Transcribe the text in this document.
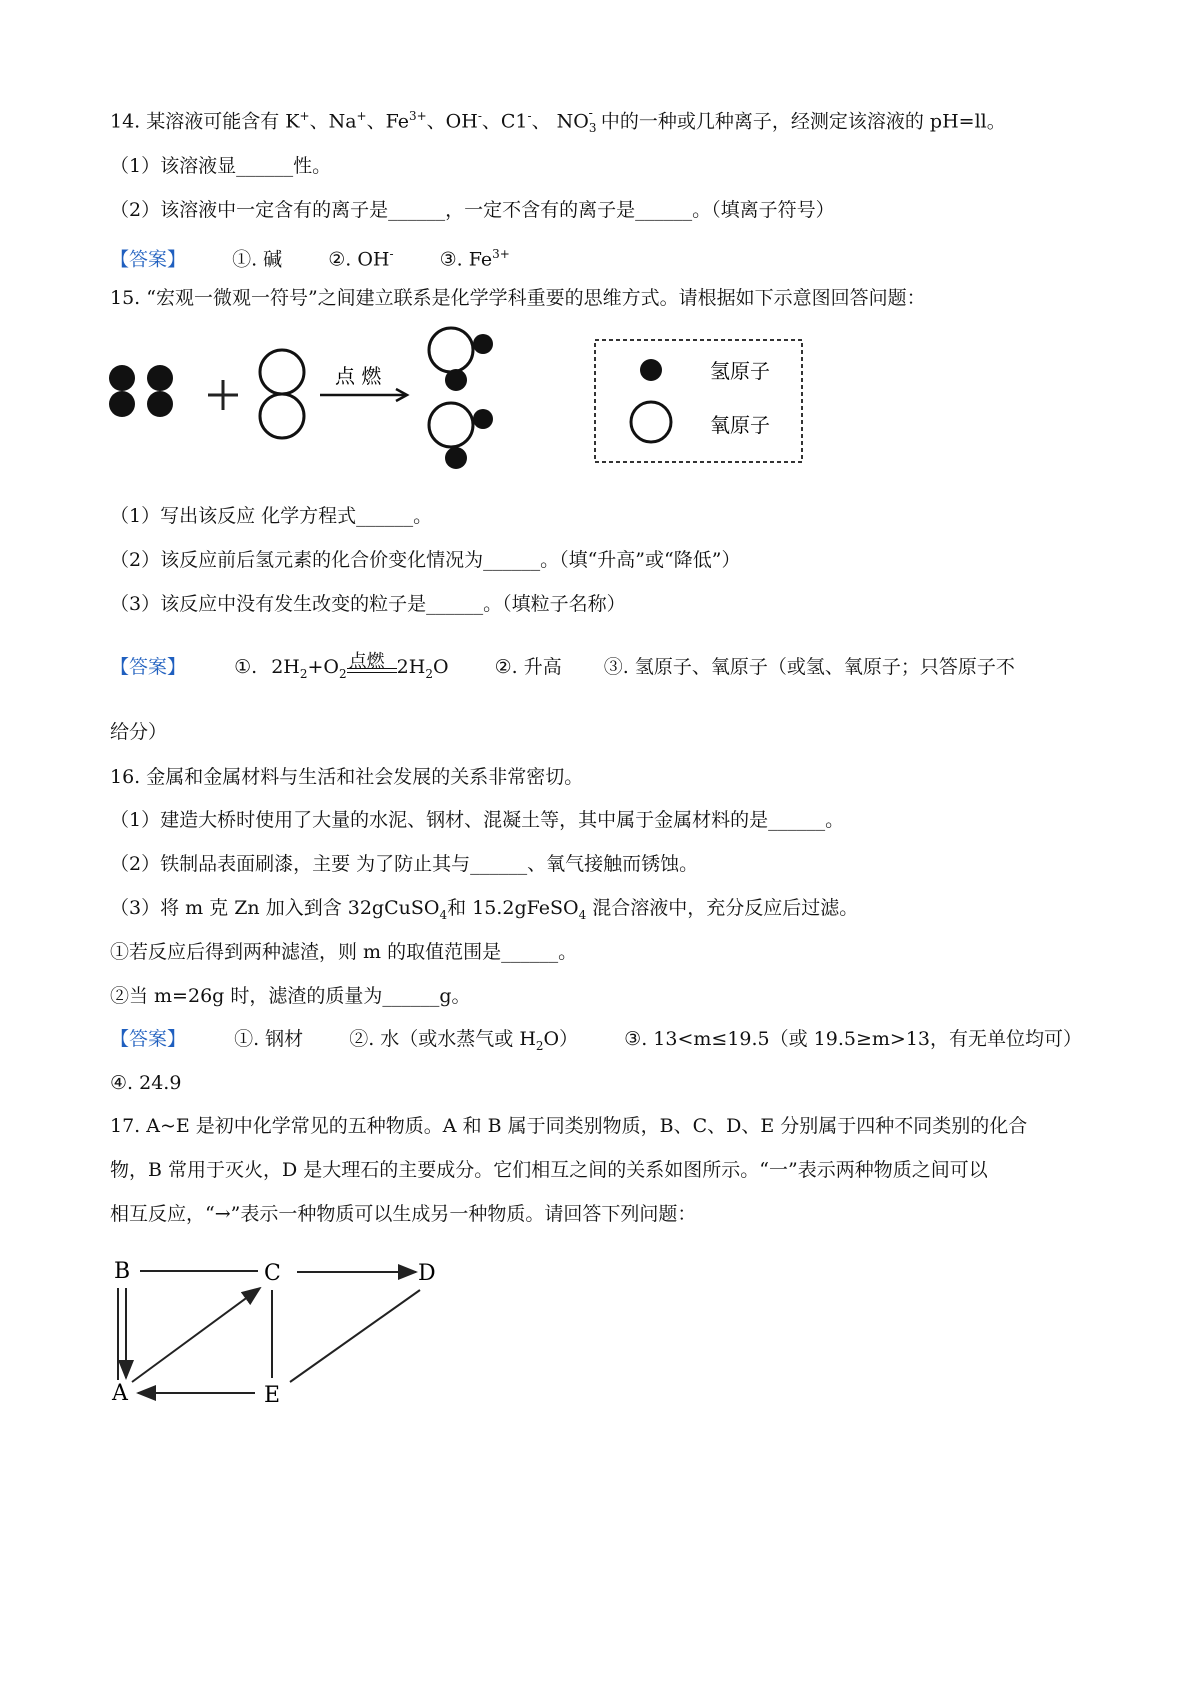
14. 某溶液可能含有 K+、Na+、$Fe^{3+}$、OH-、C1-、 $NO_3^-$ 中的一种或几种离子，经测定该溶液的 pH=ll。
（1）该溶液显______性。
（2）该溶液中一定含有的离子是______，一定不含有的离子是______。（填离子符号）
【答案】 ①. 碱 ②. OH- ③. $Fe^{3+}$
15. “宏观一微观一符号”之间建立联系是化学学科重要的思维方式。请根据如下示意图回答问题：
点 燃	氢原子
氧原子
（1）写出该反应 化学方程式______。
（2）该反应前后氢元素的化合价变化情况为______。（填“升高”或“降低”）
（3）该反应中没有发生改变的粒子是______。（填粒子名称）
【答案】	①. $2H_2+O_2$
点燃 $2H_2O$ ②. 升高 ③. 氢原子、氧原子（或氢、氧原子；只答原子不
给分）
16. 金属和金属材料与生活和社会发展的关系非常密切。
（1）建造大桥时使用了大量的水泥、钢材、混凝土等，其中属于金属材料的是______。
（2）铁制品表面刷漆，主要 为了防止其与______、氧气接触而锈蚀。
（3）将 m 克 Zn 加入到含 32gCuSO$_4$和 15.2gFeSO$_4$ 混合溶液中，充分反应后过滤。
①若反应后得到两种滤渣，则 m 的取值范围是______。
②当 m=26g 时，滤渣的质量为______g。
【答案】	①. 钢材 ②. 水（或水蒸气或 $H_2O$） ③. 13<m≤19.5（或 19.5≥m>13，有无单位均可）
④. 24.9
17. A~E 是初中化学常见的五种物质。A 和 B 属于同类别物质，B、C、D、E 分别属于四种不同类别的化合
物，B 常用于灭火，D 是大理石的主要成分。它们相互之间的关系如图所示。“一”表示两种物质之间可以
相互反应，“→”表示一种物质可以生成另一种物质。请回答下列问题：
B	C	D
A	E
